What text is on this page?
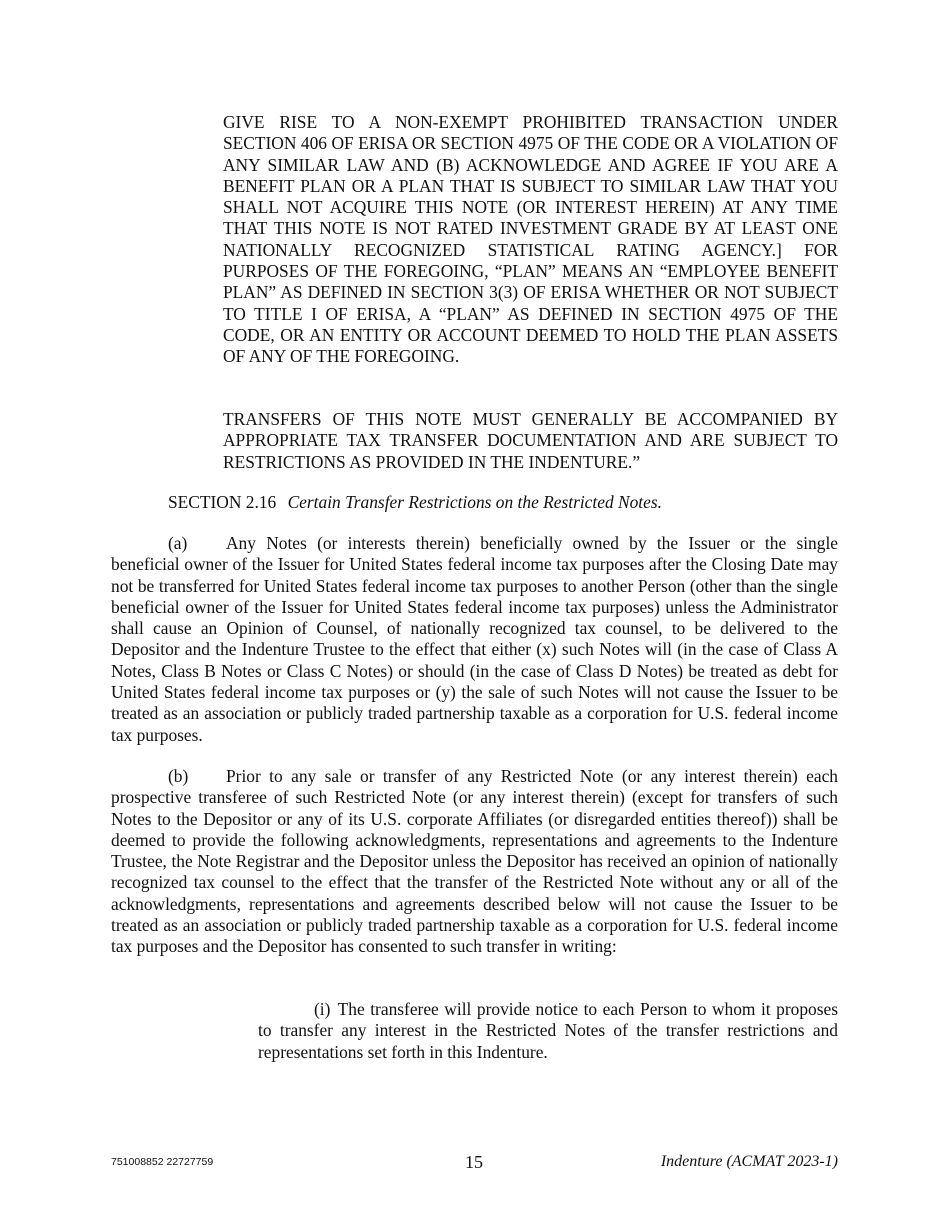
GIVE RISE TO A NON-EXEMPT PROHIBITED TRANSACTION UNDER SECTION 406 OF ERISA OR SECTION 4975 OF THE CODE OR A VIOLATION OF ANY SIMILAR LAW AND (B) ACKNOWLEDGE AND AGREE IF YOU ARE A BENEFIT PLAN OR A PLAN THAT IS SUBJECT TO SIMILAR LAW THAT YOU SHALL NOT ACQUIRE THIS NOTE (OR INTEREST HEREIN) AT ANY TIME THAT THIS NOTE IS NOT RATED INVESTMENT GRADE BY AT LEAST ONE NATIONALLY RECOGNIZED STATISTICAL RATING AGENCY.] FOR PURPOSES OF THE FOREGOING, “PLAN” MEANS AN “EMPLOYEE BENEFIT PLAN” AS DEFINED IN SECTION 3(3) OF ERISA WHETHER OR NOT SUBJECT TO TITLE I OF ERISA, A “PLAN” AS DEFINED IN SECTION 4975 OF THE CODE, OR AN ENTITY OR ACCOUNT DEEMED TO HOLD THE PLAN ASSETS OF ANY OF THE FOREGOING.
TRANSFERS OF THIS NOTE MUST GENERALLY BE ACCOMPANIED BY APPROPRIATE TAX TRANSFER DOCUMENTATION AND ARE SUBJECT TO RESTRICTIONS AS PROVIDED IN THE INDENTURE.”
SECTION 2.16 Certain Transfer Restrictions on the Restricted Notes.
(a) Any Notes (or interests therein) beneficially owned by the Issuer or the single beneficial owner of the Issuer for United States federal income tax purposes after the Closing Date may not be transferred for United States federal income tax purposes to another Person (other than the single beneficial owner of the Issuer for United States federal income tax purposes) unless the Administrator shall cause an Opinion of Counsel, of nationally recognized tax counsel, to be delivered to the Depositor and the Indenture Trustee to the effect that either (x) such Notes will (in the case of Class A Notes, Class B Notes or Class C Notes) or should (in the case of Class D Notes) be treated as debt for United States federal income tax purposes or (y) the sale of such Notes will not cause the Issuer to be treated as an association or publicly traded partnership taxable as a corporation for U.S. federal income tax purposes.
(b) Prior to any sale or transfer of any Restricted Note (or any interest therein) each prospective transferee of such Restricted Note (or any interest therein) (except for transfers of such Notes to the Depositor or any of its U.S. corporate Affiliates (or disregarded entities thereof)) shall be deemed to provide the following acknowledgments, representations and agreements to the Indenture Trustee, the Note Registrar and the Depositor unless the Depositor has received an opinion of nationally recognized tax counsel to the effect that the transfer of the Restricted Note without any or all of the acknowledgments, representations and agreements described below will not cause the Issuer to be treated as an association or publicly traded partnership taxable as a corporation for U.S. federal income tax purposes and the Depositor has consented to such transfer in writing:
(i) The transferee will provide notice to each Person to whom it proposes to transfer any interest in the Restricted Notes of the transfer restrictions and representations set forth in this Indenture.
751008852 22727759	15	Indenture (ACMAT 2023-1)
